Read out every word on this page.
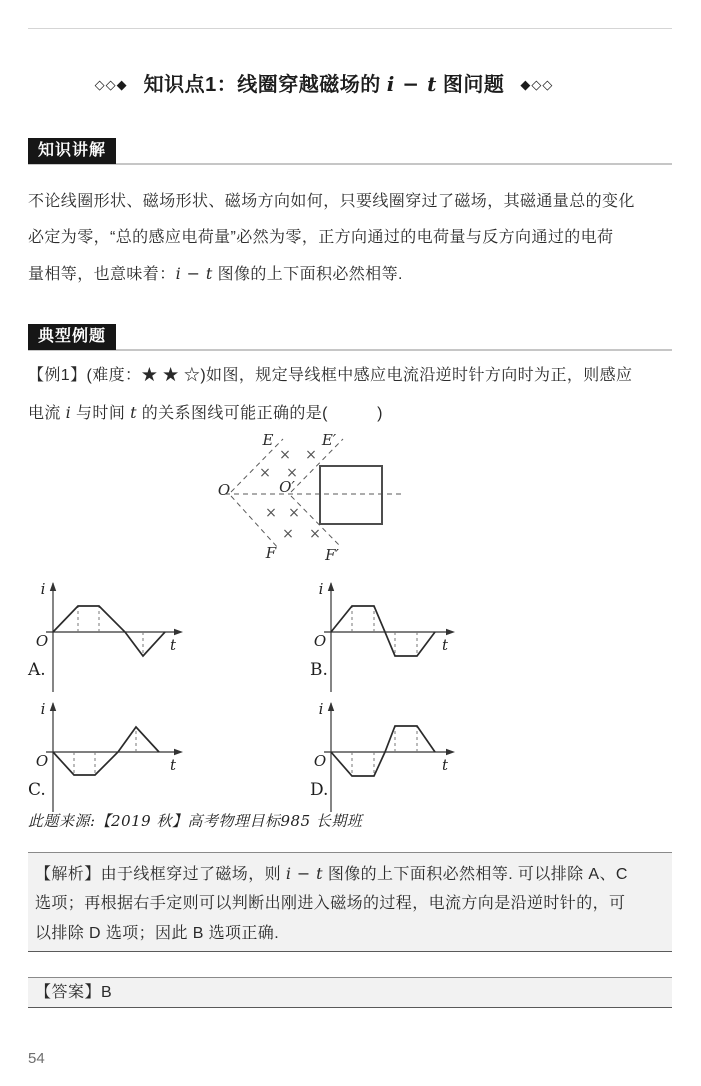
◇◇◆ 知识点1：线圈穿越磁场的 i − t 图问题 ◆◇◇
知识讲解
不论线圈形状、磁场形状、磁场方向如何，只要线圈穿过了磁场，其磁通量总的变化
必定为零，“总的感应电荷量”必然为零，正方向通过的电荷量与反方向通过的电荷
量相等，也意味着：i − t 图像的上下面积必然相等.
典型例题
【例1】(难度：★ ★ ☆)如图，规定导线框中感应电流沿逆时针方向时为正，则感应
电流 i 与时间 t 的关系图线可能正确的是(　　　)
× ×
× ×
× ×
× ×
E	E′
O	O′
F	F′
i
O	t
i
O	t
i
O	t
i
O	t
A.	B.
C.	D.
此题来源:【2019 秋】高考物理目标985 长期班
【解析】由于线框穿过了磁场，则 i − t 图像的上下面积必然相等. 可以排除 A、C
选项；再根据右手定则可以判断出刚进入磁场的过程，电流方向是沿逆时针的，可
以排除 D 选项；因此 B 选项正确.
【答案】B
54
